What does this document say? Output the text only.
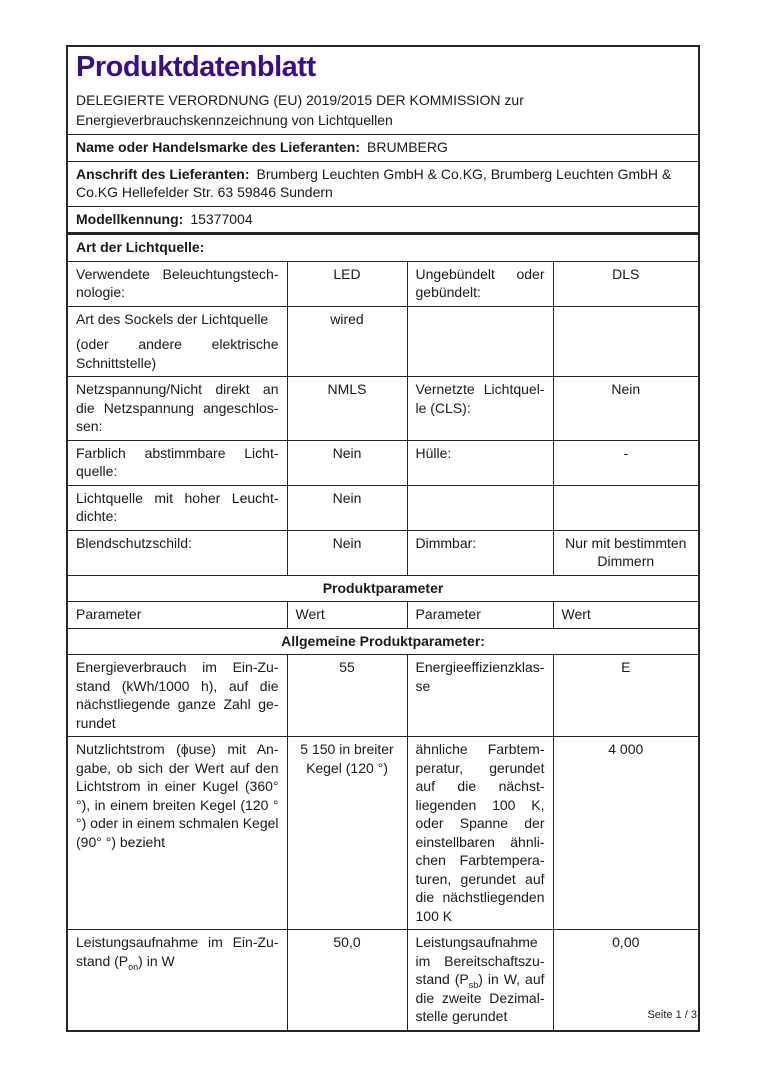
Produktdatenblatt
DELEGIERTE VERORDNUNG (EU) 2019/2015 DER KOMMISSION zur
Energieverbrauchskennzeichnung von Lichtquellen

Name oder Handelsmarke des Lieferanten: BRUMBERG			
Anschrift des Lieferanten: Brumberg Leuchten GmbH & Co.KG, Brumberg Leuchten GmbH & Co.KG Hellefelder Str. 63 59846 Sundern			
Modellkennung: 15377004			
Art der Lichtquelle:			
Verwendete Beleuchtungstechnologie:	LED	Ungebündelt oder gebündelt:	DLS

Art des Sockels der Lichtquelle
(oder andere elektrische Schnittstelle)	wired		
Netzspannung/Nicht direkt an die Netzspannung angeschlossen:	NMLS	Vernetzte Lichtquelle (CLS):	Nein
Farblich abstimmbare Lichtquelle:	Nein	Hülle:	-
Lichtquelle mit hoher Leuchtdichte:	Nein		
Blendschutzschild:	Nein	Dimmbar:	Nur mit bestimmten Dimmern
Produktparameter			
Parameter	Wert	Parameter	Wert
Allgemeine Produktparameter:			
Energieverbrauch im Ein-Zustand (kWh/1000 h), auf die nächstliegende ganze Zahl gerundet	55	Energieeffizienzklasse	E
Nutzlichtstrom (ϕuse) mit Angabe, ob sich der Wert auf den Lichtstrom in einer Kugel (360° °), in einem breiten Kegel (120 °°) oder in einem schmalen Kegel (90° °) bezieht	5 150 in breiter Kegel (120 °)	ähnliche Farbtemperatur, gerundet auf die nächstliegenden 100 K, oder Spanne der einstellbaren ähnlichen Farbtemperaturen, gerundet auf die nächstliegenden 100 K	4 000
Leistungsaufnahme im Ein-Zustand $(P_{on})$ in W	50,0	Leistungsaufnahme im Bereitschaftszustand $(P_{sb})$ in W, auf die zweite Dezimalstelle gerundet	0,00
Seite 1 / 3
